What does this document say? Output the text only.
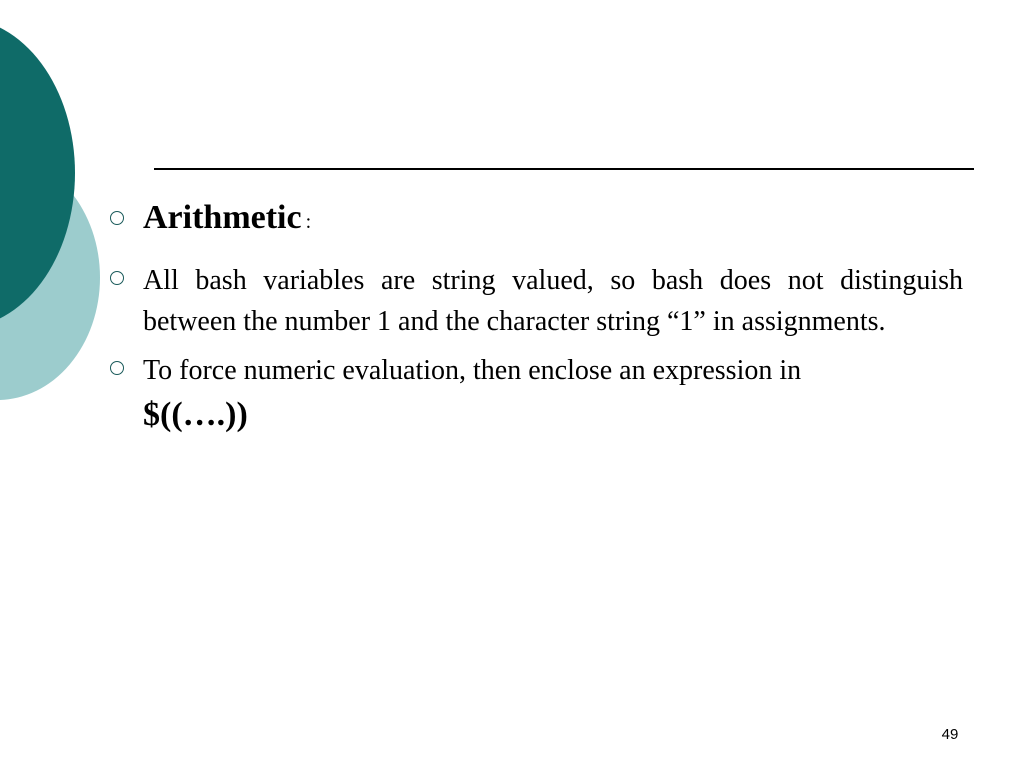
Arithmetic :
All bash variables are string valued, so bash does not distinguish between the number 1 and the character string “1” in assignments.
To force numeric evaluation, then enclose an expression in
$((….))
49
